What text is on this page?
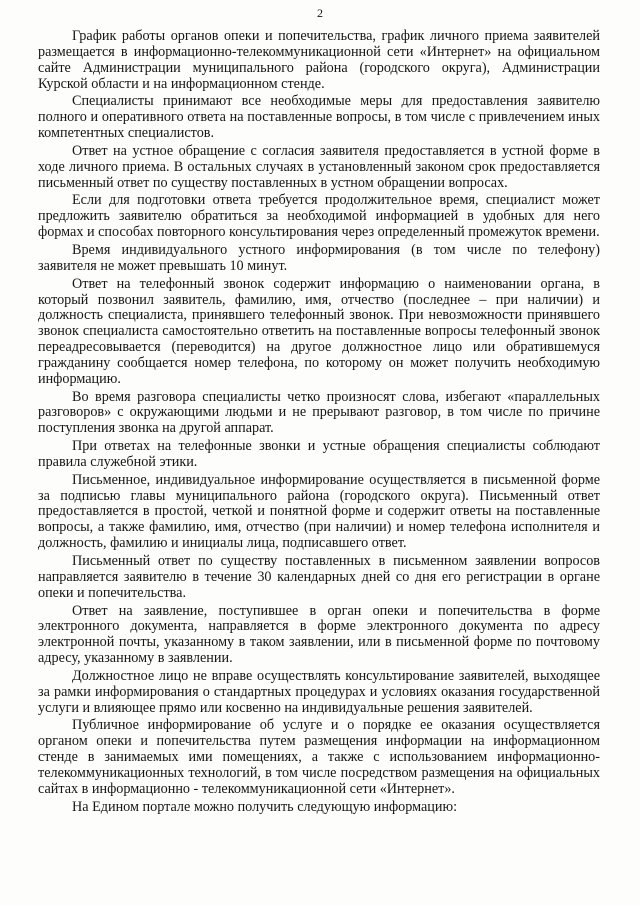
2

График работы органов опеки и попечительства, график личного приема заявителей размещается в информационно-телекоммуникационной сети «Интернет» на официальном сайте Администрации муниципального района (городского округа), Администрации Курской области и на информационном стенде.

Специалисты принимают все необходимые меры для предоставления заявителю полного и оперативного ответа на поставленные вопросы, в том числе с привлечением иных компетентных специалистов.

Ответ на устное обращение с согласия заявителя предоставляется в устной форме в ходе личного приема. В остальных случаях в установленный законом срок предоставляется письменный ответ по существу поставленных в устном обращении вопросах.

Если для подготовки ответа требуется продолжительное время, специалист может предложить заявителю обратиться за необходимой информацией в удобных для него формах и способах повторного консультирования через определенный промежуток времени.

Время индивидуального устного информирования (в том числе по телефону) заявителя не может превышать 10 минут.

Ответ на телефонный звонок содержит информацию о наименовании органа, в который позвонил заявитель, фамилию, имя, отчество (последнее – при наличии) и должность специалиста, принявшего телефонный звонок. При невозможности принявшего звонок специалиста самостоятельно ответить на поставленные вопросы телефонный звонок переадресовывается (переводится) на другое должностное лицо или обратившемуся гражданину сообщается номер телефона, по которому он может получить необходимую информацию.

Во время разговора специалисты четко произносят слова, избегают «параллельных разговоров» с окружающими людьми и не прерывают разговор, в том числе по причине поступления звонка на другой аппарат.

При ответах на телефонные звонки и устные обращения специалисты соблюдают правила служебной этики.

Письменное, индивидуальное информирование осуществляется в письменной форме за подписью главы муниципального района (городского округа). Письменный ответ предоставляется в простой, четкой и понятной форме и содержит ответы на поставленные вопросы, а также фамилию, имя, отчество (при наличии) и номер телефона исполнителя и должность, фамилию и инициалы лица, подписавшего ответ.

Письменный ответ по существу поставленных в письменном заявлении вопросов направляется заявителю в течение 30 календарных дней со дня его регистрации в органе опеки и попечительства.

Ответ на заявление, поступившее в орган опеки и попечительства в форме электронного документа, направляется в форме электронного документа по адресу электронной почты, указанному в таком заявлении, или в письменной форме по почтовому адресу, указанному в заявлении.

Должностное лицо не вправе осуществлять консультирование заявителей, выходящее за рамки информирования о стандартных процедурах и условиях оказания государственной услуги и влияющее прямо или косвенно на индивидуальные решения заявителей.

Публичное информирование об услуге и о порядке ее оказания осуществляется органом опеки и попечительства путем размещения информации на информационном стенде в занимаемых ими помещениях, а также с использованием информационно-телекоммуникационных технологий, в том числе посредством размещения на официальных сайтах в информационно - телекоммуникационной сети «Интернет».

На Едином портале можно получить следующую информацию:
